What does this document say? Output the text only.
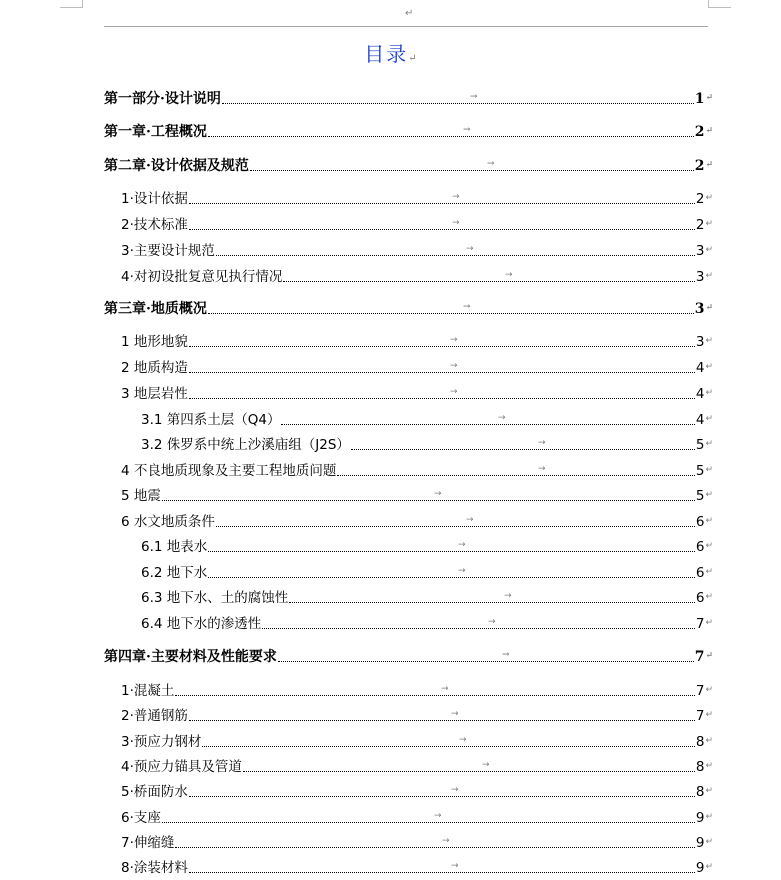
↵
目录↵
第一部分·设计说明	→	1 ↵
第一章·工程概况	→	2 ↵
第二章·设计依据及规范	→	2 ↵
1·设计依据	→	2 ↵
2·技术标准	→	2 ↵
3·主要设计规范	→	3 ↵
4·对初设批复意见执行情况	→	3 ↵
第三章·地质概况	→	3 ↵
1 地形地貌	→	3 ↵
2 地质构造	→	4 ↵
3 地层岩性	→	4 ↵
3.1 第四系土层（Q4）	→	4 ↵
3.2 侏罗系中统上沙溪庙组（J2S）	→	5 ↵
4 不良地质现象及主要工程地质问题	→	5 ↵
5 地震	→	5 ↵
6 水文地质条件	→	6 ↵
6.1 地表水	→	6 ↵
6.2 地下水	→	6 ↵
6.3 地下水、土的腐蚀性	→	6 ↵
6.4 地下水的渗透性	→	7 ↵
第四章·主要材料及性能要求	→	7 ↵
1·混凝土	→	7 ↵
2·普通钢筋	→	7 ↵
3·预应力钢材	→	8 ↵
4·预应力锚具及管道	→	8 ↵
5·桥面防水	→	8 ↵
6·支座	→	9 ↵
7·伸缩缝	→	9 ↵
8·涂装材料	→	9 ↵
